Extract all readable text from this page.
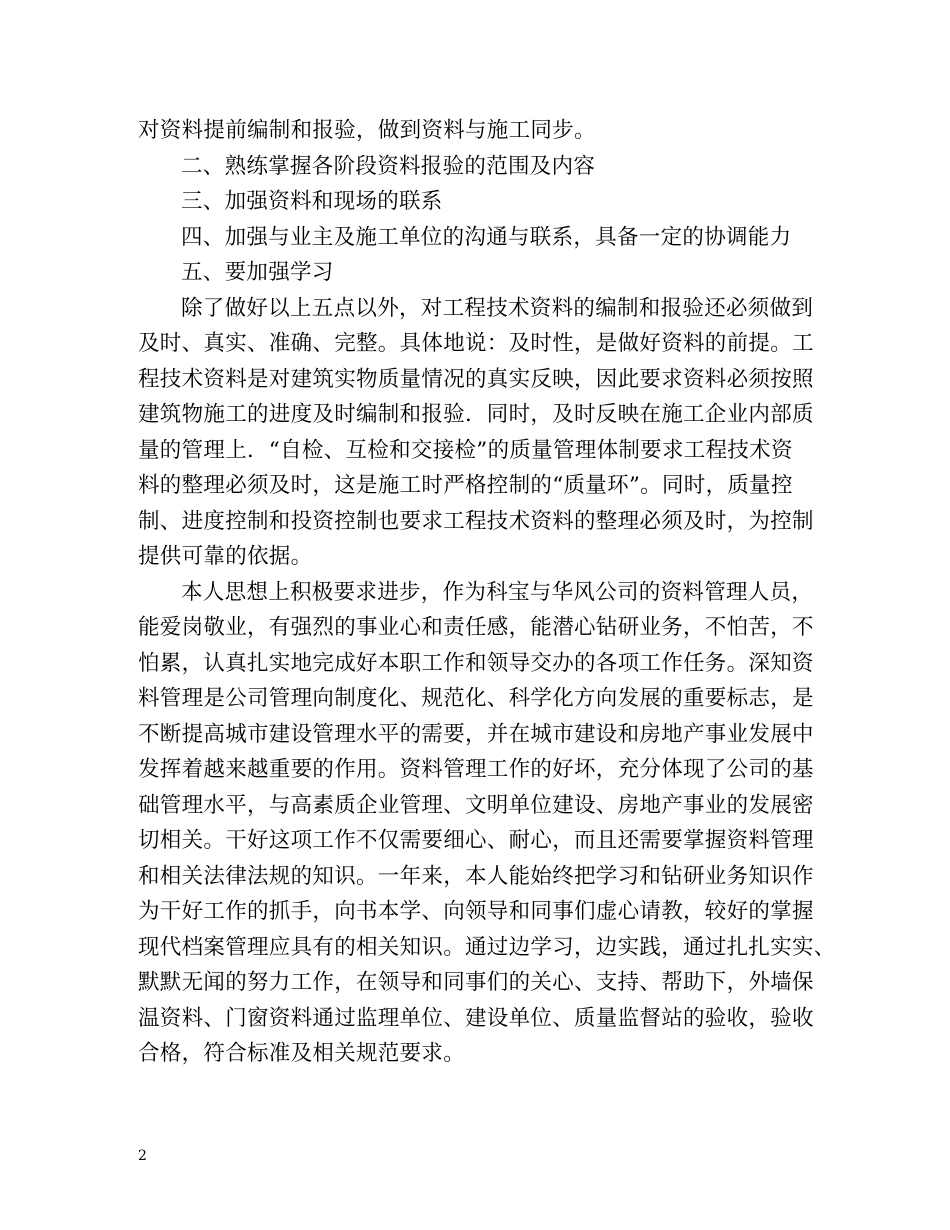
对资料提前编制和报验，做到资料与施工同步。
二、熟练掌握各阶段资料报验的范围及内容
三、加强资料和现场的联系
四、加强与业主及施工单位的沟通与联系，具备一定的协调能力
五、要加强学习
除了做好以上五点以外，对工程技术资料的编制和报验还必须做到
及时、真实、准确、完整。具体地说：及时性，是做好资料的前提。工
程技术资料是对建筑实物质量情况的真实反映，因此要求资料必须按照
建筑物施工的进度及时编制和报验．同时，及时反映在施工企业内部质
量的管理上．“自检、互检和交接检”的质量管理体制要求工程技术资
料的整理必须及时，这是施工时严格控制的“质量环”。同时，质量控
制、进度控制和投资控制也要求工程技术资料的整理必须及时，为控制
提供可靠的依据。
本人思想上积极要求进步，作为科宝与华风公司的资料管理人员，
能爱岗敬业，有强烈的事业心和责任感，能潜心钻研业务，不怕苦，不
怕累，认真扎实地完成好本职工作和领导交办的各项工作任务。深知资
料管理是公司管理向制度化、规范化、科学化方向发展的重要标志，是
不断提高城市建设管理水平的需要，并在城市建设和房地产事业发展中
发挥着越来越重要的作用。资料管理工作的好坏，充分体现了公司的基
础管理水平，与高素质企业管理、文明单位建设、房地产事业的发展密
切相关。干好这项工作不仅需要细心、耐心，而且还需要掌握资料管理
和相关法律法规的知识。一年来，本人能始终把学习和钻研业务知识作
为干好工作的抓手，向书本学、向领导和同事们虚心请教，较好的掌握
现代档案管理应具有的相关知识。通过边学习，边实践，通过扎扎实实、
默默无闻的努力工作，在领导和同事们的关心、支持、帮助下，外墙保
温资料、门窗资料通过监理单位、建设单位、质量监督站的验收，验收
合格，符合标准及相关规范要求。
2
